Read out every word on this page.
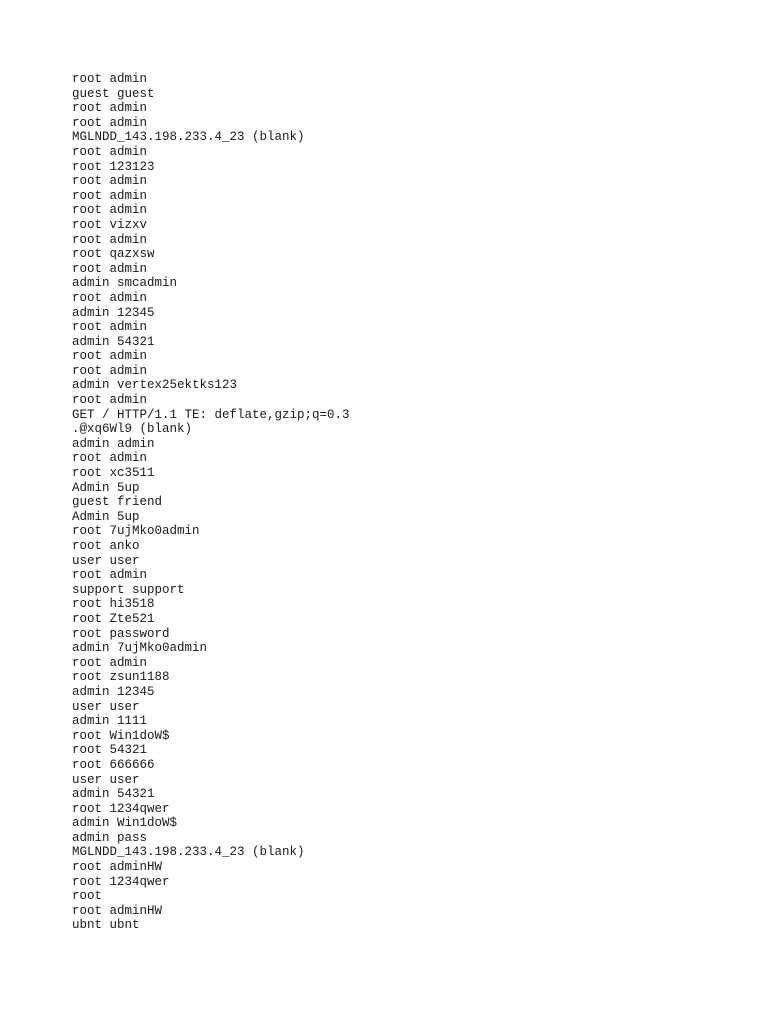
root admin
guest guest
root admin
root admin
MGLNDD_143.198.233.4_23 (blank)
root admin
root 123123
root admin
root admin
root admin
root vizxv
root admin
root qazxsw
root admin
admin smcadmin
root admin
admin 12345
root admin
admin 54321
root admin
root admin
admin vertex25ektks123
root admin
GET / HTTP/1.1 TE: deflate,gzip;q=0.3
.@xq6Wl9 (blank)
admin admin
root admin
root xc3511
Admin 5up
guest friend
Admin 5up
root 7ujMko0admin
root anko
user user
root admin
support support
root hi3518
root Zte521
root password
admin 7ujMko0admin
root admin
root zsun1188
admin 12345
user user
admin 1111
root Win1doW$
root 54321
root 666666
user user
admin 54321
root 1234qwer
admin Win1doW$
admin pass
MGLNDD_143.198.233.4_23 (blank)
root adminHW
root 1234qwer
root
root adminHW
ubnt ubnt
